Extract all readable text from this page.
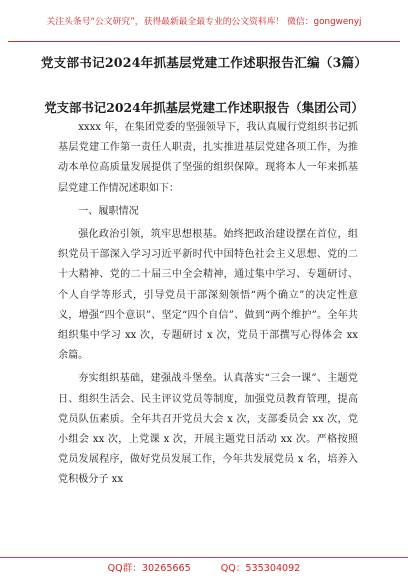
关注头条号“公文研究”，获得最新最全最专业的公文资料库！ 微信：gongwenyj
党支部书记2024年抓基层党建工作述职报告汇编（3篇）
党支部书记2024年抓基层党建工作述职报告（集团公司）

xxxx 年，在集团党委的坚强领导下，我认真履行党组织书记抓基层党建工作第一责任人职责，扎实推进基层党建各项工作，为推动本单位高质量发展提供了坚强的组织保障。现将本人一年来抓基层党建工作情况述职如下：

一、履职情况

强化政治引领，筑牢思想根基。始终把政治建设摆在首位，组织党员干部深入学习习近平新时代中国特色社会主义思想、党的二十大精神、党的二十届三中全会精神，通过集中学习、专题研讨、个人自学等形式，引导党员干部深刻领悟“两个确立”的决定性意义，增强“四个意识”、坚定“四个自信”、做到“两个维护”。全年共组织集中学习 xx 次，专题研讨 x 次，党员干部撰写心得体会 xx 余篇。

夯实组织基础，建强战斗堡垒。认真落实“三会一课”、主题党日、组织生活会、民主评议党员等制度，加强党员教育管理，提高党员队伍素质。全年共召开党员大会 x 次，支部委员会 xx 次，党小组会 xx 次，上党课 x 次，开展主题党日活动 xx 次。严格按照党员发展程序，做好党员发展工作，今年共发展党员 x 名，培养入党积极分子 xx

QQ群：30265665	QQ：535304092
